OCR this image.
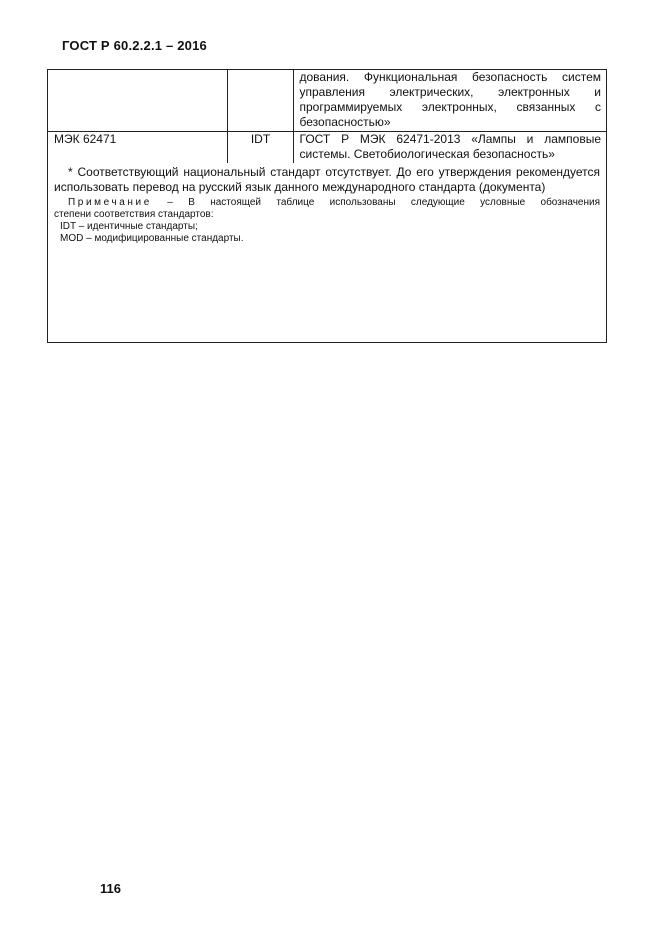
ГОСТ Р 60.2.2.1 – 2016

		дования. Функциональная безопасность систем
управления электрических, электронных и
программируемых электронных, связанных с
безопасностью»

МЭК 62471	IDT	ГОСТ Р МЭК 62471-2013 «Лампы и ламповые
системы. Светобиологическая безопасность»

* Соответствующий национальный стандарт отсутствует. До его утверждения рекомендуется использовать перевод на русский язык данного международного стандарта (документа)

Примечание – В настоящей таблице использованы следующие условные обозначения
степени соответствия стандартов:
IDT – идентичные стандарты;
MOD – модифицированные стандарты.
116
